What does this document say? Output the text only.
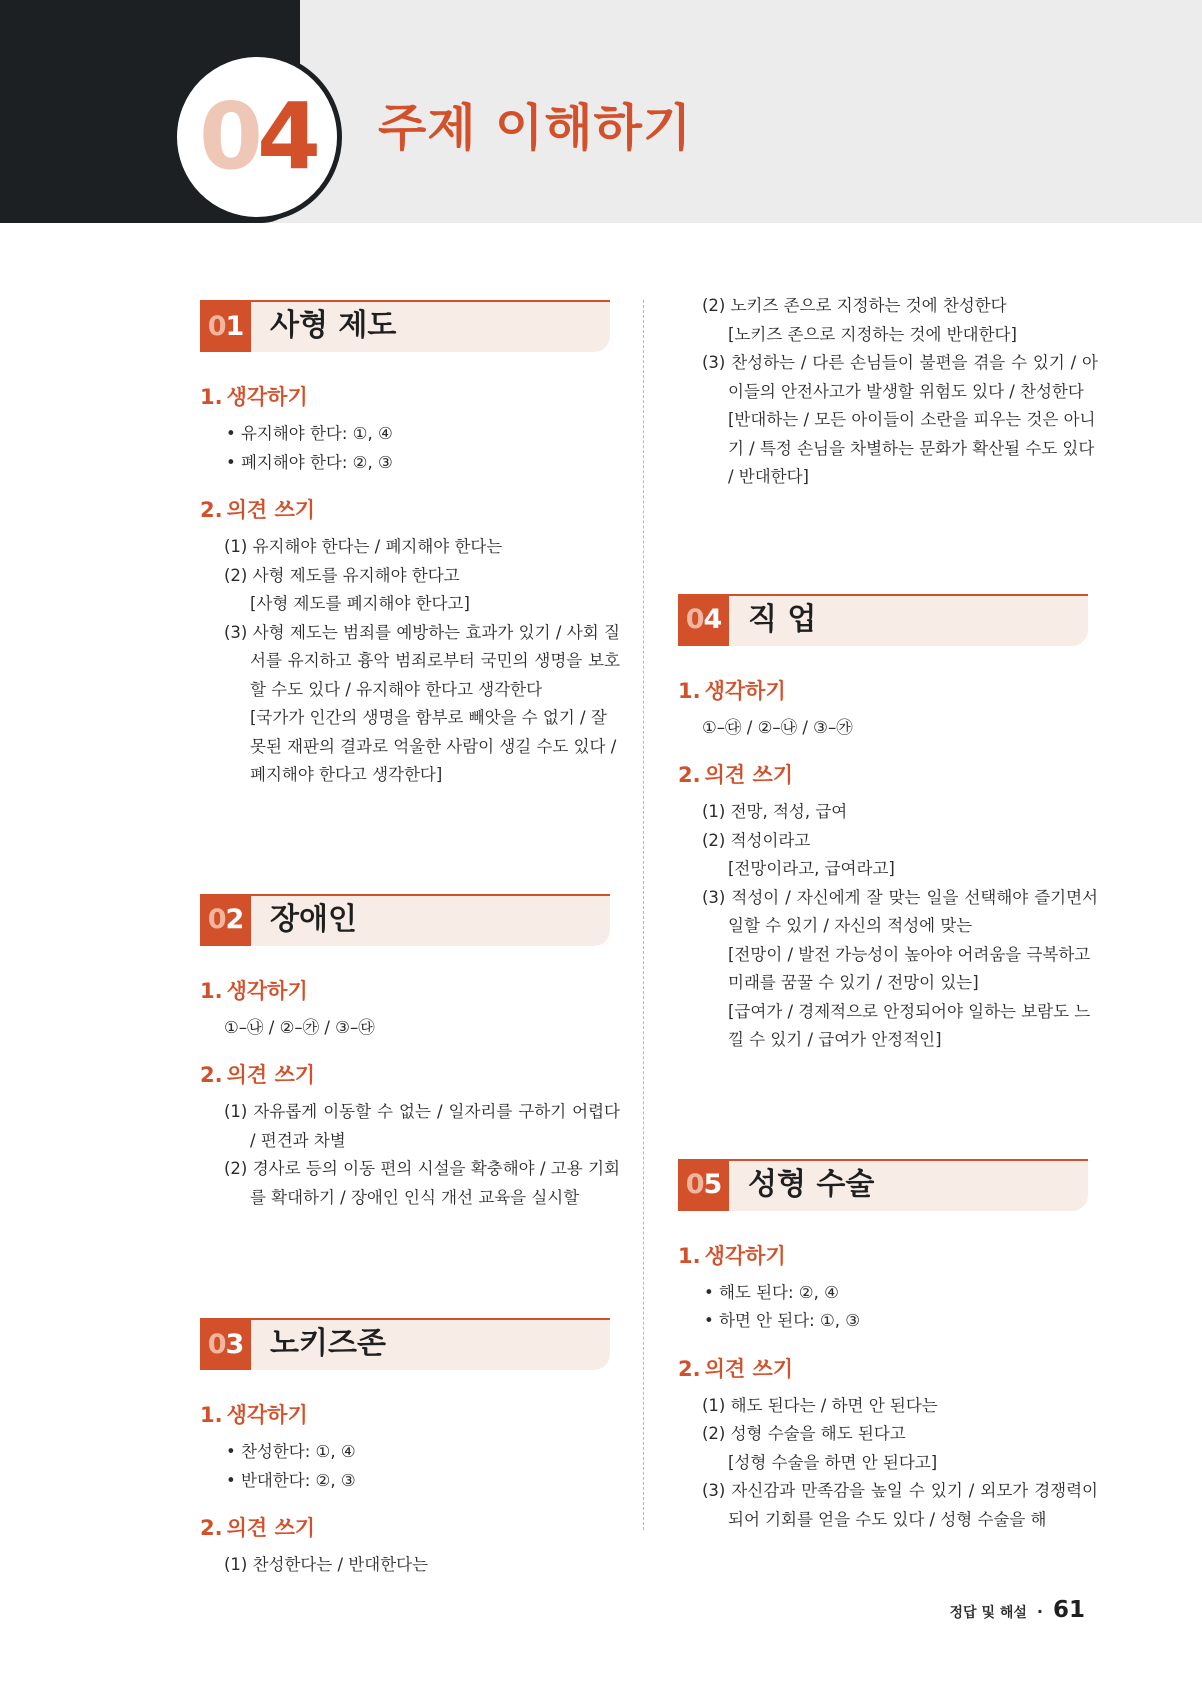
04 주제 이해하기
0 1 사형 제도
1. 생각하기
• 유지해야 한다: ①, ④
• 폐지해야 한다: ②, ③
2. 의견 쓰기
(1) 유지해야 한다는 / 폐지해야 한다는
(2) 사형 제도를 유지해야 한다고
[사형 제도를 폐지해야 한다고]
(3) 사형 제도는 범죄를 예방하는 효과가 있기 / 사회 질서를 유지하고 흉악 범죄로부터 국민의 생명을 보호할 수도 있다 / 유지해야 한다고 생각한다
[국가가 인간의 생명을 함부로 빼앗을 수 없기 / 잘못된 재판의 결과로 억울한 사람이 생길 수도 있다 / 폐지해야 한다고 생각한다]
0 2 장애인
1. 생각하기
①–㉯ / ②–㉮ / ③–㉰
2. 의견 쓰기
(1) 자유롭게 이동할 수 없는 / 일자리를 구하기 어렵다 / 편견과 차별
(2) 경사로 등의 이동 편의 시설을 확충해야 / 고용 기회를 확대하기 / 장애인 인식 개선 교육을 실시할
0 3 노키즈존
1. 생각하기
• 찬성한다: ①, ④
• 반대한다: ②, ③
2. 의견 쓰기
(1) 찬성한다는 / 반대한다는
(2) 노키즈 존으로 지정하는 것에 찬성한다
[노키즈 존으로 지정하는 것에 반대한다]
(3) 찬성하는 / 다른 손님들이 불편을 겪을 수 있기 / 아이들의 안전사고가 발생할 위험도 있다 / 찬성한다
[반대하는 / 모든 아이들이 소란을 피우는 것은 아니기 / 특정 손님을 차별하는 문화가 확산될 수도 있다 / 반대한다]
0 4 직 업
1. 생각하기
①–㉰ / ②–㉯ / ③–㉮
2. 의견 쓰기
(1) 전망, 적성, 급여
(2) 적성이라고
[전망이라고, 급여라고]
(3) 적성이 / 자신에게 잘 맞는 일을 선택해야 즐기면서 일할 수 있기 / 자신의 적성에 맞는
[전망이 / 발전 가능성이 높아야 어려움을 극복하고 미래를 꿈꿀 수 있기 / 전망이 있는]
[급여가 / 경제적으로 안정되어야 일하는 보람도 느낄 수 있기 / 급여가 안정적인]
0 5 성형 수술
1. 생각하기
• 해도 된다: ②, ④
• 하면 안 된다: ①, ③
2. 의견 쓰기
(1) 해도 된다는 / 하면 안 된다는
(2) 성형 수술을 해도 된다고
[성형 수술을 하면 안 된다고]
(3) 자신감과 만족감을 높일 수 있기 / 외모가 경쟁력이 되어 기회를 얻을 수도 있다 / 성형 수술을 해
정답 및 해설 · 61
